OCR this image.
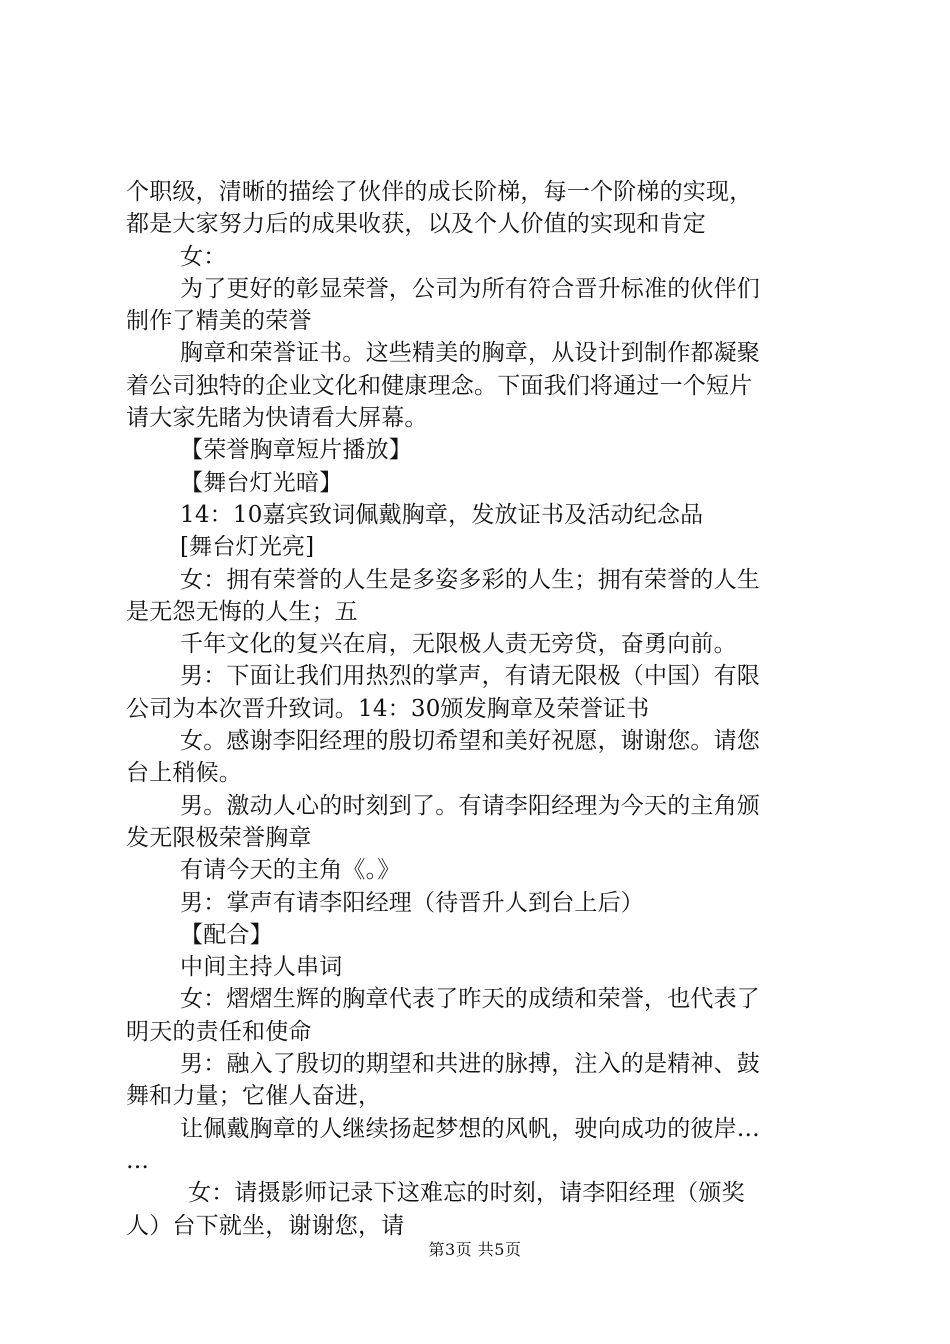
个职级，清晰的描绘了伙伴的成长阶梯，每一个阶梯的实现，

都是大家努力后的成果收获，以及个人价值的实现和肯定

女：

为了更好的彰显荣誉，公司为所有符合晋升标准的伙伴们

制作了精美的荣誉

胸章和荣誉证书。这些精美的胸章，从设计到制作都凝聚

着公司独特的企业文化和健康理念。下面我们将通过一个短片

请大家先睹为快请看大屏幕。

【荣誉胸章短片播放】

【舞台灯光暗】

14：10嘉宾致词佩戴胸章，发放证书及活动纪念品

[舞台灯光亮]

女：拥有荣誉的人生是多姿多彩的人生；拥有荣誉的人生

是无怨无悔的人生；五

千年文化的复兴在肩，无限极人责无旁贷，奋勇向前。

男：下面让我们用热烈的掌声，有请无限极（中国）有限

公司为本次晋升致词。14：30颁发胸章及荣誉证书

女。感谢李阳经理的殷切希望和美好祝愿，谢谢您。请您

台上稍候。

男。激动人心的时刻到了。有请李阳经理为今天的主角颁

发无限极荣誉胸章

有请今天的主角《。》

男：掌声有请李阳经理（待晋升人到台上后）

【配合】

中间主持人串词

女：熠熠生辉的胸章代表了昨天的成绩和荣誉，也代表了

明天的责任和使命

男：融入了殷切的期望和共进的脉搏，注入的是精神、鼓

舞和力量；它催人奋进，

让佩戴胸章的人继续扬起梦想的风帆，驶向成功的彼岸…

…

女：请摄影师记录下这难忘的时刻，请李阳经理（颁奖

人）台下就坐，谢谢您，请

第3页 共5页
